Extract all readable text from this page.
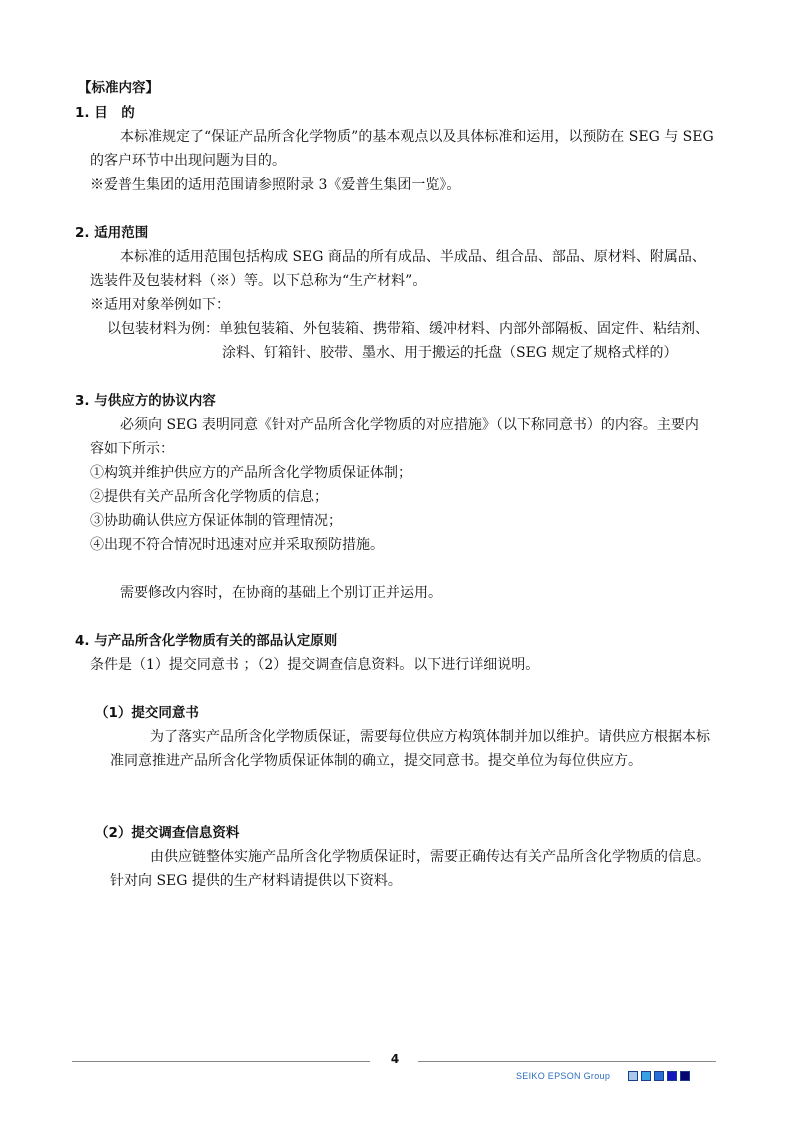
【标准内容】
1. 目　的
本标准规定了“保证产品所含化学物质”的基本观点以及具体标准和运用，以预防在 SEG 与 SEG
的客户环节中出现问题为目的。
※爱普生集团的适用范围请参照附录 3《爱普生集团一览》。
2. 适用范围
本标准的适用范围包括构成 SEG 商品的所有成品、半成品、组合品、部品、原材料、附属品、
选装件及包装材料（※）等。以下总称为“生产材料”。
※适用对象举例如下：
以包装材料为例：单独包装箱、外包装箱、携带箱、缓冲材料、内部外部隔板、固定件、粘结剂、
涂料、钉箱针、胶带、墨水、用于搬运的托盘（SEG 规定了规格式样的）
3. 与供应方的协议内容
必须向 SEG 表明同意《针对产品所含化学物质的对应措施》（以下称同意书）的内容。主要内
容如下所示：
①构筑并维护供应方的产品所含化学物质保证体制；
②提供有关产品所含化学物质的信息；
③协助确认供应方保证体制的管理情况；
④出现不符合情况时迅速对应并采取预防措施。
需要修改内容时，在协商的基础上个别订正并运用。
4. 与产品所含化学物质有关的部品认定原则
条件是（1）提交同意书 ；（2）提交调查信息资料。以下进行详细说明。
（1）提交同意书
为了落实产品所含化学物质保证，需要每位供应方构筑体制并加以维护。请供应方根据本标
准同意推进产品所含化学物质保证体制的确立，提交同意书。提交单位为每位供应方。
（2）提交调查信息资料
由供应链整体实施产品所含化学物质保证时，需要正确传达有关产品所含化学物质的信息。
针对向 SEG 提供的生产材料请提供以下资料。
4
SEIKO EPSON Group
